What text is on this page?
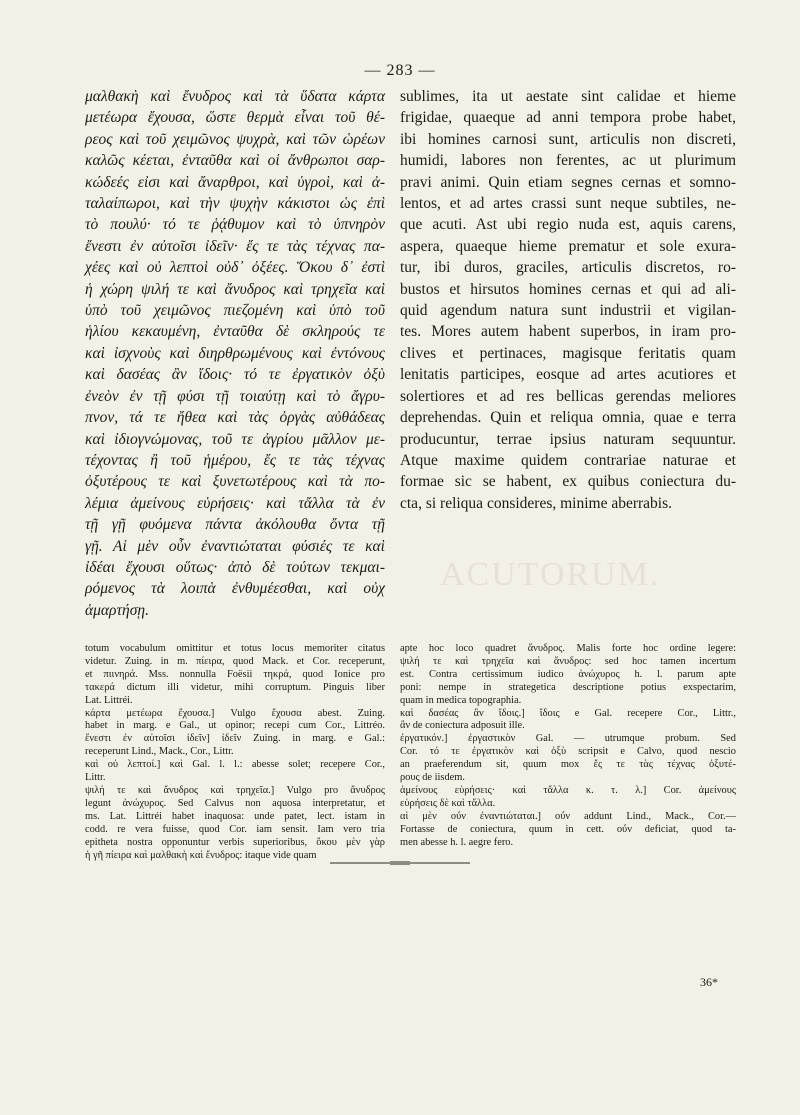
— 283 —
μαλθακὴ καὶ ἔνυδρος καὶ τὰ ὕδατα κάρτα
μετέωρα ἔχουσα, ὥστε θερμὰ εἶναι τοῦ θέ-
ρεος καὶ τοῦ χειμῶνος ψυχρὰ, καὶ τῶν ὡρέων
καλῶς κέεται, ἐνταῦθα καὶ οἱ ἄνθρωποι σαρ-
κώδεές εἰσι καὶ ἄναρθροι, καὶ ὑγροὶ, καὶ ἀ-
ταλαίπωροι, καὶ τὴν ψυχὴν κάκιστοι ὡς ἐπὶ
τὸ πουλύ· τό τε ῥᾴθυμον καὶ τὸ ὑπνηρὸν
ἔνεστι ἐν αὐτοῖσι ἰδεῖν· ἔς τε τὰς τέχνας πα-
χέες καὶ οὐ λεπτοὶ οὐδ᾽ ὀξέες. Ὅκου δ᾽ ἐστὶ
ἡ χώρη ψιλή τε καὶ ἄνυδρος καὶ τρηχεῖα καὶ
ὑπὸ τοῦ χειμῶνος πιεζομένη καὶ ὑπὸ τοῦ
ἡλίου κεκαυμένη, ἐνταῦθα δὲ σκληρούς τε
καὶ ἰσχνοὺς καὶ διηρθρωμένους καὶ ἐντόνους
καὶ δασέας ἂν ἴδοις· τό τε ἐργατικὸν ὀξὺ
ἐνεὸν ἐν τῇ φύσι τῇ τοιαύτῃ καὶ τὸ ἄγρυ-
πνον, τά τε ἤθεα καὶ τὰς ὀργὰς αὐθάδεας
καὶ ἰδιογνώμονας, τοῦ τε ἀγρίου μᾶλλον με-
τέχοντας ἢ τοῦ ἡμέρου, ἔς τε τὰς τέχνας
ὀξυτέρους τε καὶ ξυνετωτέρους καὶ τὰ πο-
λέμια ἀμείνους εὑρήσεις· καὶ τἄλλα τὰ ἐν
τῇ γῇ φυόμενα πάντα ἀκόλουθα ὄντα τῇ
γῇ. Αἱ μὲν οὖν ἐναντιώταται φύσιές τε καὶ
ἰδέαι ἔχουσι οὕτως· ἀπὸ δὲ τούτων τεκμαι-
ρόμενος τὰ λοιπὰ ἐνθυμέεσθαι, καὶ οὐχ
ἁμαρτήσῃ.
sublimes, ita ut aestate sint calidae et hieme
frigidae, quaeque ad anni tempora probe habet,
ibi homines carnosi sunt, articulis non discreti,
humidi, labores non ferentes, ac ut plurimum
pravi animi. Quin etiam segnes cernas et somno-
lentos, et ad artes crassi sunt neque subtiles, ne-
que acuti. Ast ubi regio nuda est, aquis carens,
aspera, quaeque hieme prematur et sole exura-
tur, ibi duros, graciles, articulis discretos, ro-
bustos et hirsutos homines cernas et qui ad ali-
quid agendum natura sunt industrii et vigilan-
tes. Mores autem habent superbos, in iram pro-
clives et pertinaces, magisque feritatis quam
lenitatis participes, eosque ad artes acutiores et
solertiores et ad res bellicas gerendas meliores
deprehendas. Quin et reliqua omnia, quae e terra
producuntur, terrae ipsius naturam sequuntur.
Atque maxime quidem contrariae naturae et
formae sic se habent, ex quibus coniectura du-
cta, si reliqua consideres, minime aberrabis.
ACUTORUM.
totum vocabulum omittitur et totus locus memoriter citatus
videtur. Zuing. in m. πίειρα, quod Mack. et Cor. receperunt,
et πιινηρά. Mss. nonnulla Foësii τηκρά, quod Ionice pro
τακερά dictum illi videtur, mihi corruptum. Pinguis liber
Lat. Littréi.
κάρτα μετέωρα ἔχουσα.] Vulgo ἔχουσα abest. Zuing.
habet in marg. e Gal., ut opinor; recepi cum Cor., Littréo.
ἔνεστι ἐν αὐτοῖσι ἰδεῖν] ἰδεῖν Zuing. in marg. e Gal.:
receperunt Lind., Mack., Cor., Littr.
καὶ οὐ λεπτοί.] καὶ Gal. l. l.: abesse solet; recepere Cor.,
Littr.
ψιλή τε καὶ ἄνυδρος καὶ τρηχεῖα.] Vulgo pro ἄνυδρος
legunt ἀνώχυρος. Sed Calvus non aquosa interpretatur, et
ms. Lat. Littréi habet inaquosa: unde patet, lect. istam in
codd. re vera fuisse, quod Cor. iam sensit. Iam vero tria
epitheta nostra opponuntur verbis superioribus, ὅκου μὲν γὰρ
ἡ γῆ πίειρα καὶ μαλθακὴ καὶ ἔνυδρος: itaque vide quam
apte hoc loco quadret ἄνυδρος. Malis forte hoc ordine legere:
ψιλή τε καὶ τρηχεῖα καὶ ἄνυδρος: sed hoc tamen incertum
est. Contra certissimum iudico ἀνώχυρος h. l. parum apte
poni: nempe in strategetica descriptione potius exspectarim,
quam in medica topographia.
καὶ δασέας ἂν ἴδοις.] ἴδοις e Gal. recepere Cor., Littr.,
ἂν de coniectura adposuit ille.
ἐργατικόν.] ἐργαστικὸν Gal. — utrumque probum. Sed
Cor. τό τε ἐργατικὸν καὶ ὀξὺ scripsit e Calvo, quod nescio
an praeferendum sit, quum mox ἔς τε τὰς τέχνας ὀξυτέ-
ρους de iisdem.
ἀμείνους εὑρήσεις· καὶ τἄλλα κ. τ. λ.] Cor. ἀμείνους
εὑρήσεις δὲ καὶ τἄλλα.
αἱ μὲν οὖν ἐναντιώταται.] οὖν addunt Lind., Mack., Cor.—
Fortasse de coniectura, quum in cett. οὖν deficiat, quod ta-
men abesse h. l. aegre fero.
36*
